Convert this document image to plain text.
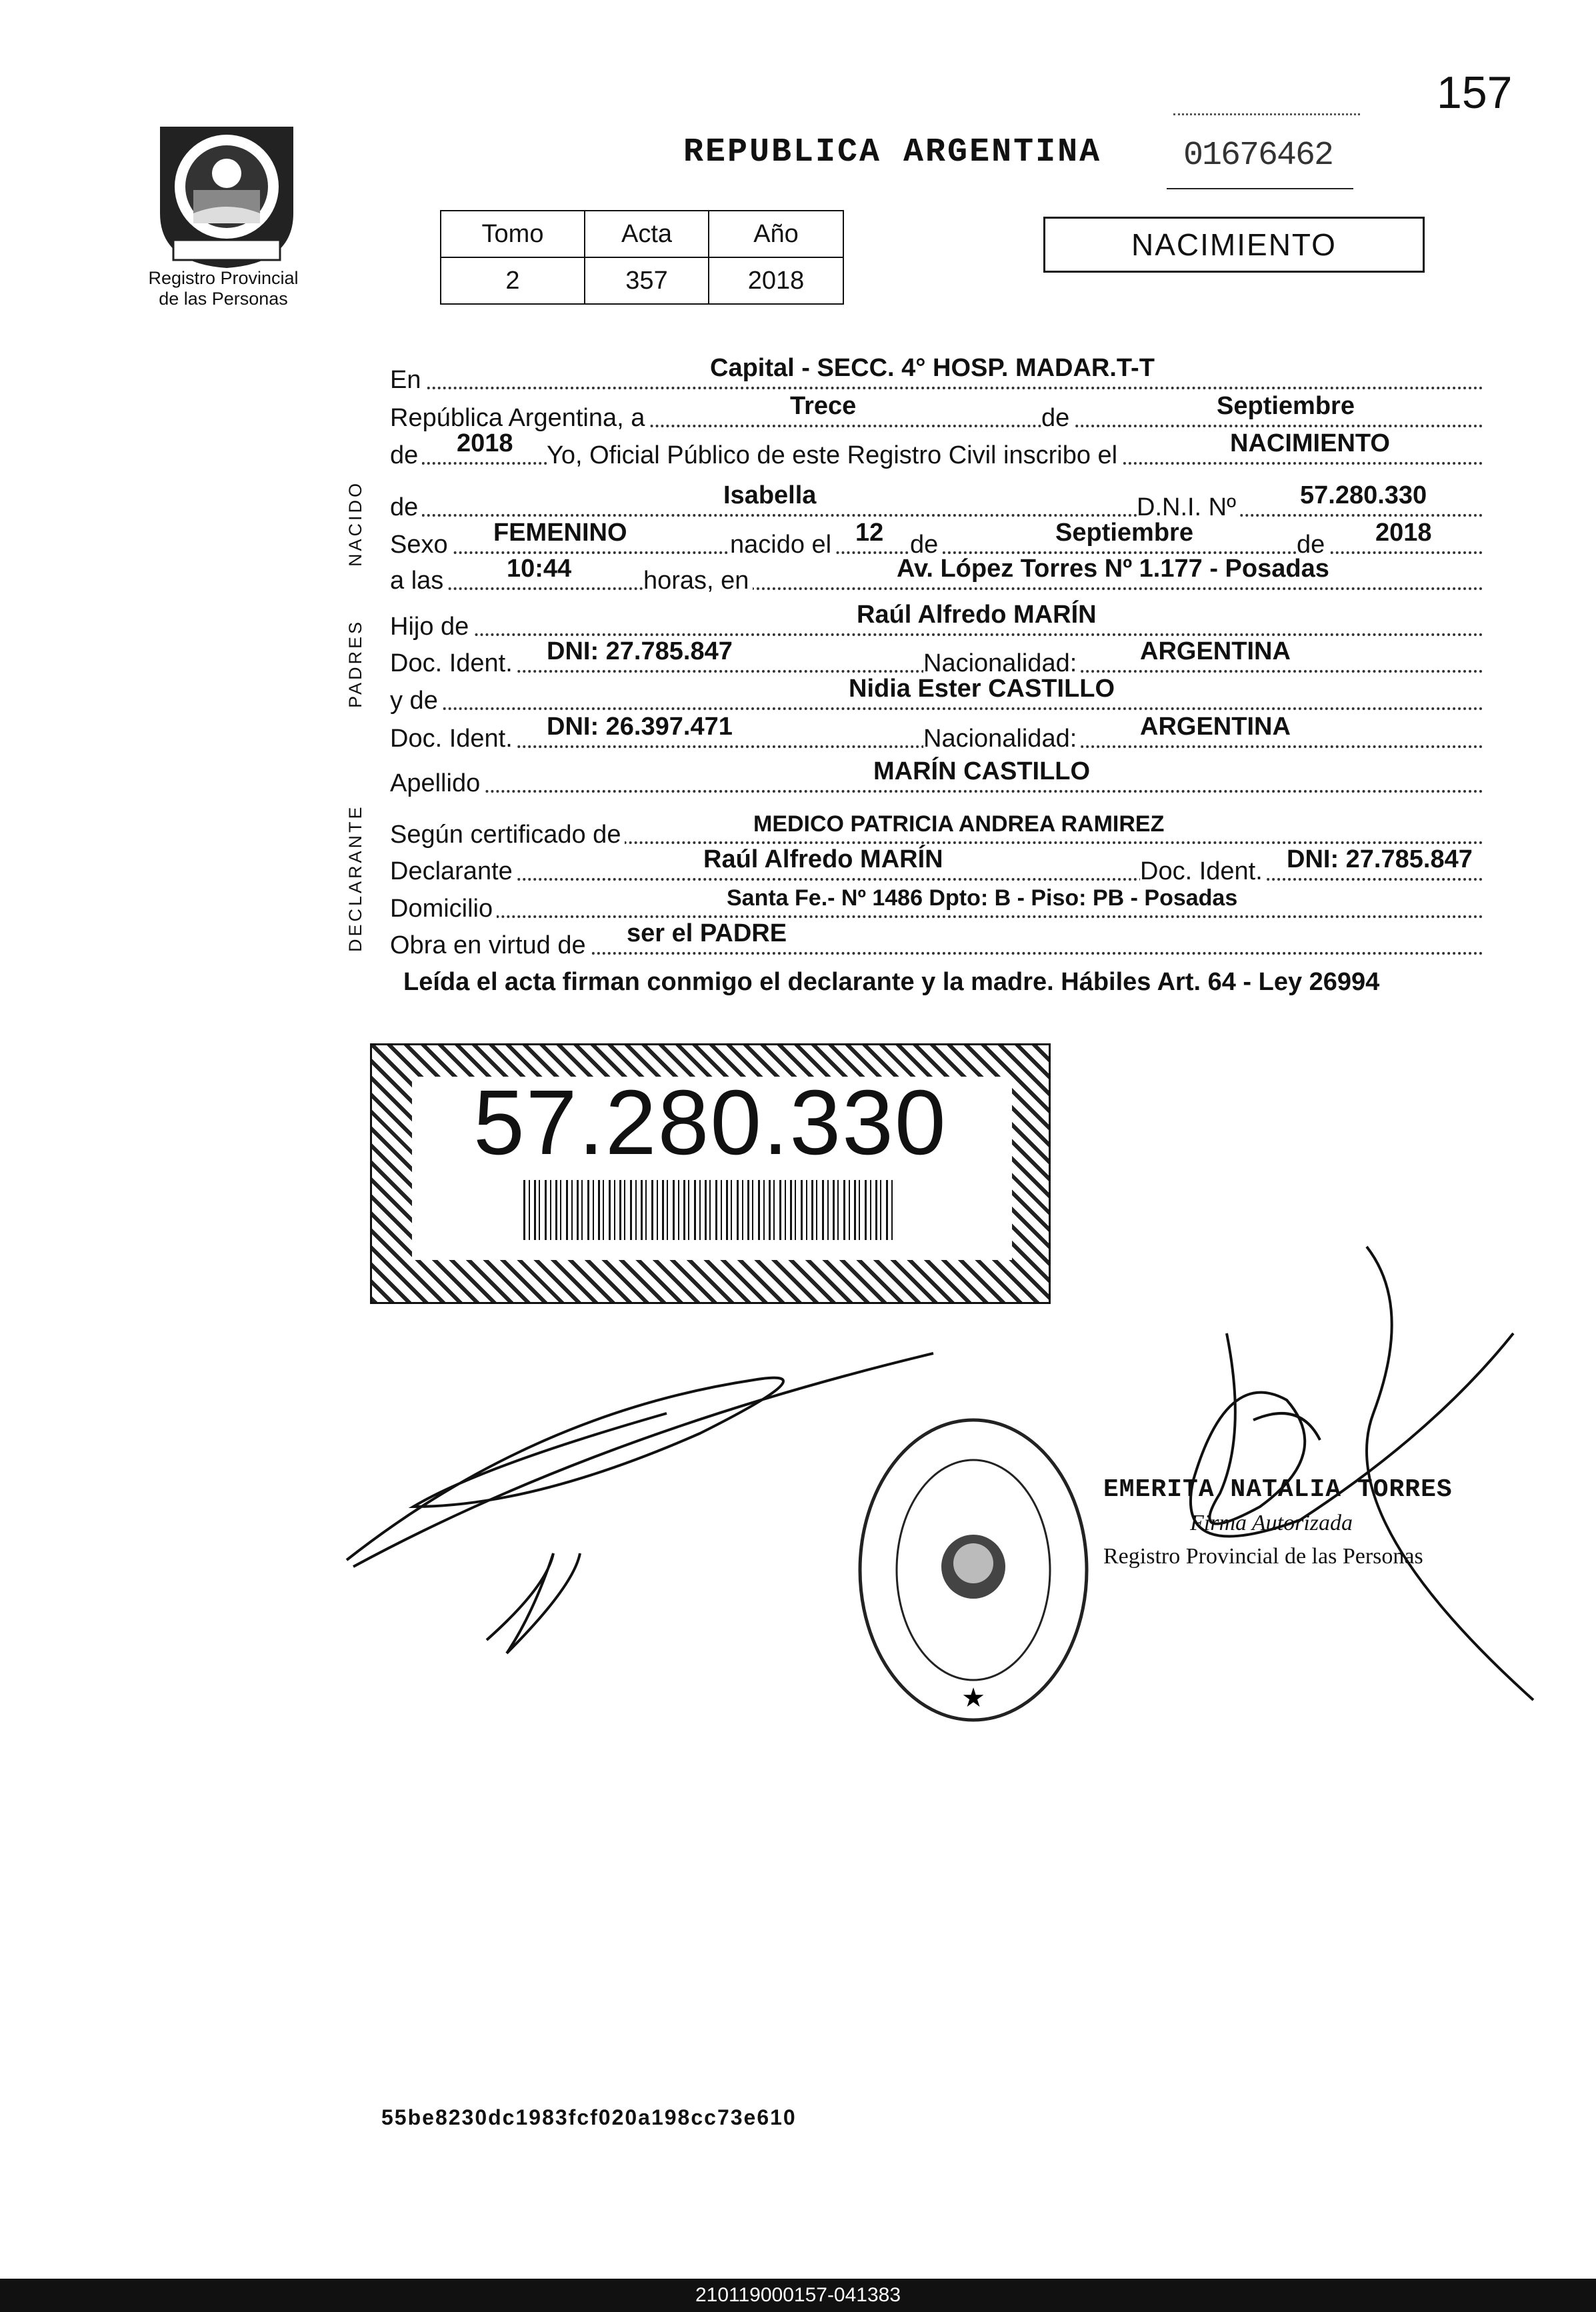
157
Registro Provincial
de las Personas
REPUBLICA ARGENTINA 01676462
Tomo	Acta	Año
2	357	2018
NACIMIENTO
NACIDO
PADRES
DECLARANTE
En	Capital - SECC. 4° HOSP. MADAR.T-T
República Argentina, a	Trece	de	Septiembre
de 2018 Yo, Oficial Público de este Registro Civil inscribo el	NACIMIENTO
de	Isabella	D.N.I. Nº	57.280.330
Sexo FEMENINO	nacido el 12 de	Septiembre	de 2018
a las 10:44	horas, en	Av. López Torres Nº 1.177 - Posadas
Hijo de	Raúl Alfredo MARÍN
Doc. Ident. DNI: 27.785.847	Nacionalidad: ARGENTINA
y de	Nidia Ester CASTILLO
Doc. Ident. DNI: 26.397.471	Nacionalidad: ARGENTINA
Apellido	MARÍN CASTILLO
Según certificado de	MEDICO PATRICIA ANDREA RAMIREZ
Declarante	Raúl Alfredo MARÍN	Doc. Ident. DNI: 27.785.847
Domicilio	Santa Fe.- Nº 1486 Dpto: B - Piso: PB - Posadas
Obra en virtud de ser el PADRE
Leída el acta firman conmigo el declarante y la madre. Hábiles Art. 64 - Ley 26994
57.280.330
★
EMERITA NATALIA TORRES
Firma Autorizada
Registro Provincial de las Personas
55be8230dc1983fcf020a198cc73e610
210119000157-041383
